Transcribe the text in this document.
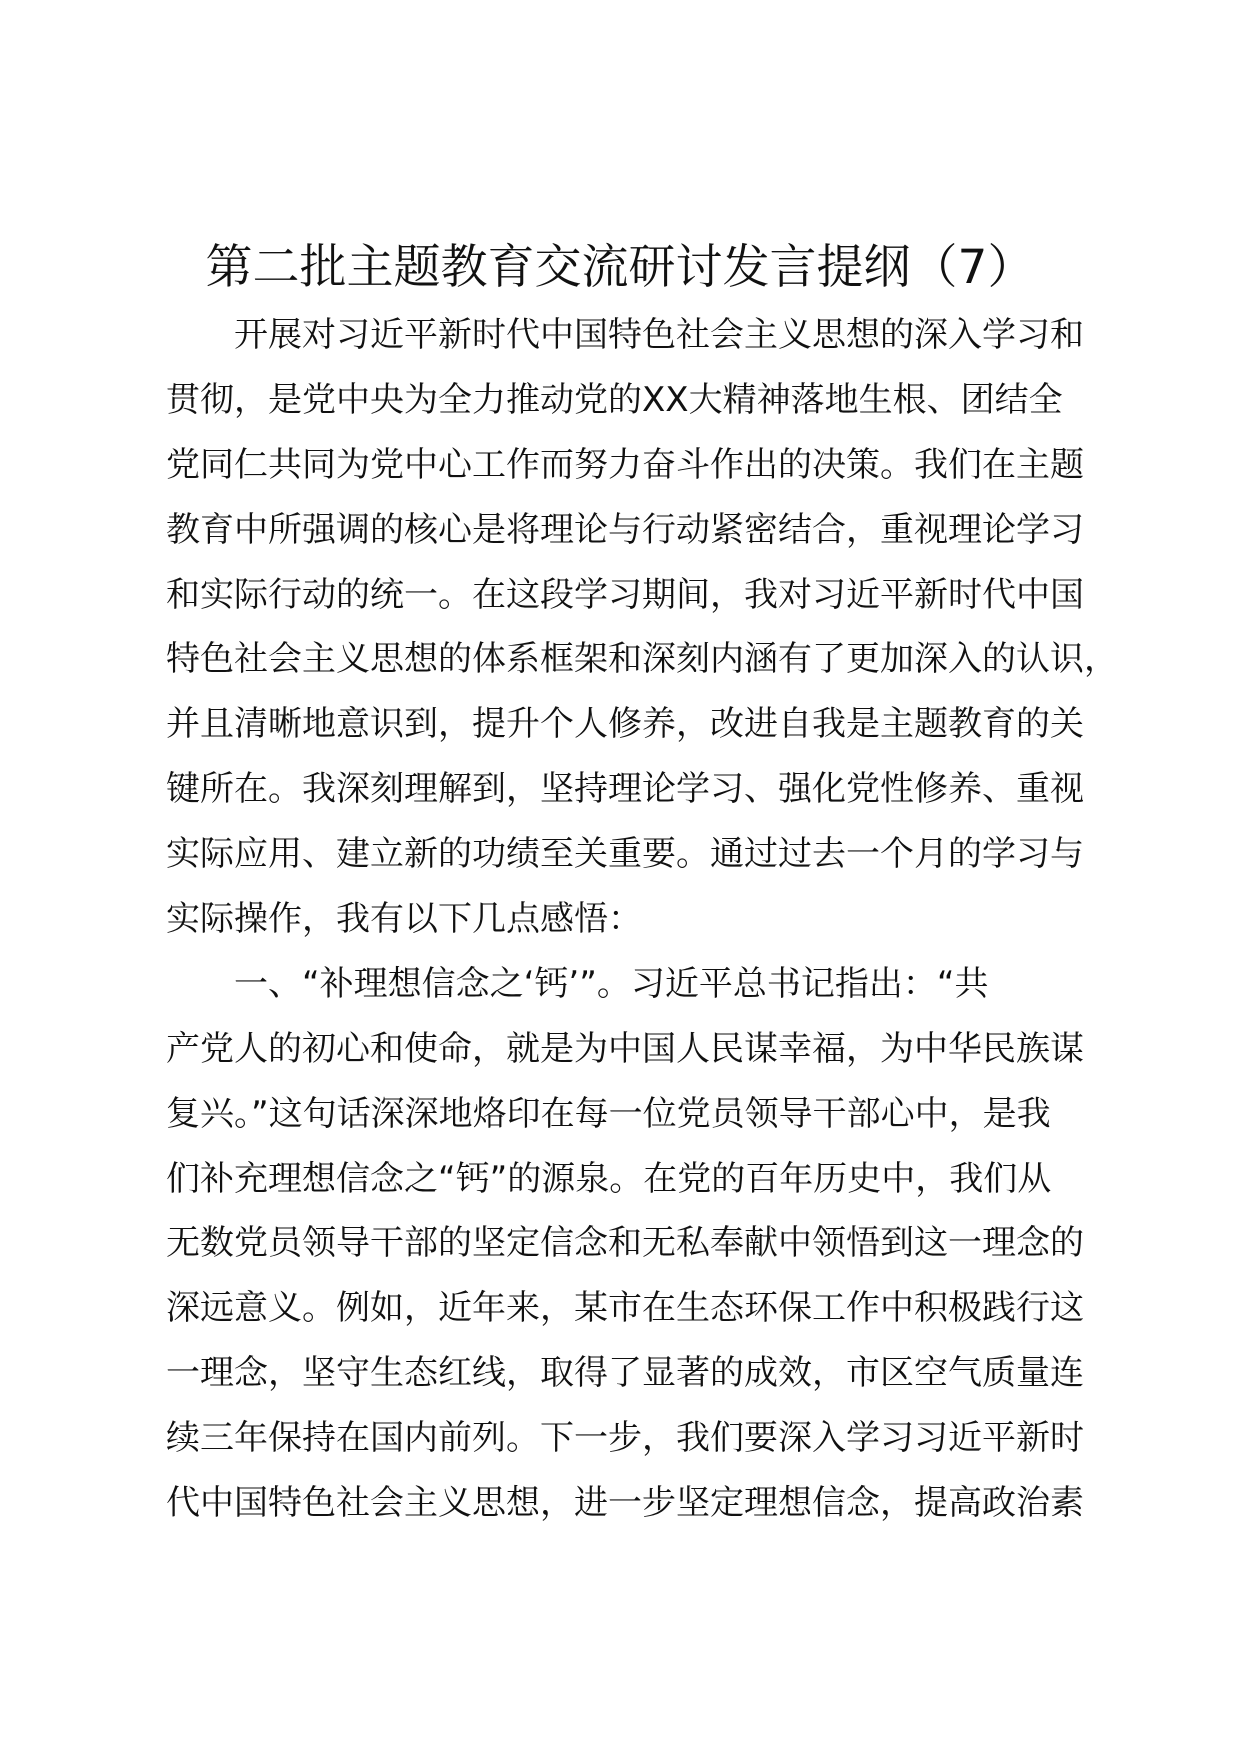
第二批主题教育交流研讨发言提纲（7）
开展对习近平新时代中国特色社会主义思想的深入学习和
贯彻，是党中央为全力推动党的XX大精神落地生根、团结全
党同仁共同为党中心工作而努力奋斗作出的决策。我们在主题
教育中所强调的核心是将理论与行动紧密结合，重视理论学习
和实际行动的统一。在这段学习期间，我对习近平新时代中国
特色社会主义思想的体系框架和深刻内涵有了更加深入的认识，
并且清晰地意识到，提升个人修养，改进自我是主题教育的关
键所在。我深刻理解到，坚持理论学习、强化党性修养、重视
实际应用、建立新的功绩至关重要。通过过去一个月的学习与
实际操作，我有以下几点感悟：
一、“补理想信念之‘钙’”。习近平总书记指出：“共
产党人的初心和使命，就是为中国人民谋幸福，为中华民族谋
复兴。”这句话深深地烙印在每一位党员领导干部心中，是我
们补充理想信念之“钙”的源泉。在党的百年历史中，我们从
无数党员领导干部的坚定信念和无私奉献中领悟到这一理念的
深远意义。例如，近年来，某市在生态环保工作中积极践行这
一理念，坚守生态红线，取得了显著的成效，市区空气质量连
续三年保持在国内前列。下一步，我们要深入学习习近平新时
代中国特色社会主义思想，进一步坚定理想信念，提高政治素
